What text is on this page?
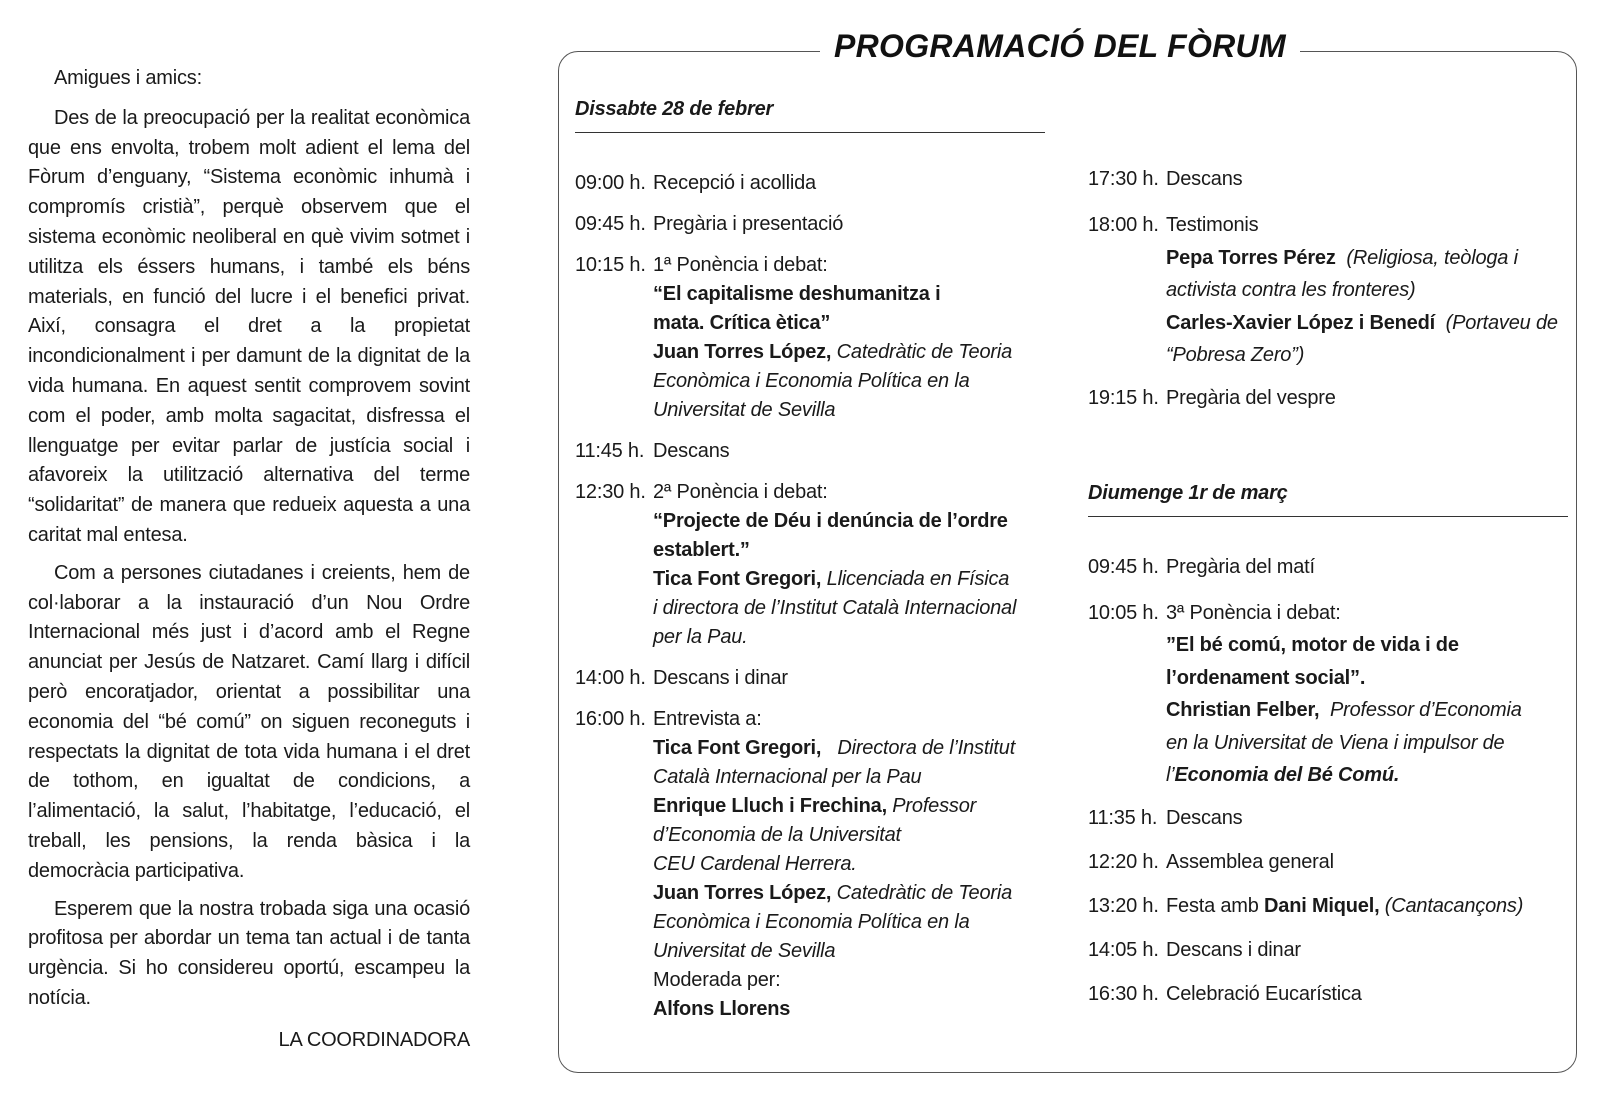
Amigues i amics:

Des de la preocupació per la realitat econòmica que ens envolta, trobem molt adient el lema del Fòrum d’enguany, “Sistema econòmic inhumà i compromís cristià”, perquè observem que el sistema econòmic neoliberal en què vivim sotmet i utilitza els éssers humans, i també els béns materials, en funció del lucre i el benefici privat. Així, consagra el dret a la propietat incondicionalment i per damunt de la dignitat de la vida humana. En aquest sentit comprovem sovint com el poder, amb molta sagacitat, disfressa el llenguatge per evitar parlar de justícia social i afavoreix la utilització alternativa del terme “solidaritat” de manera que redueix aquesta a una caritat mal entesa.

Com a persones ciutadanes i creients, hem de col·laborar a la instauració d’un Nou Ordre Internacional més just i d’acord amb el Regne anunciat per Jesús de Natzaret. Camí llarg i difícil però encoratjador, orientat a possibilitar una economia del “bé comú” on siguen reconeguts i respectats la dignitat de tota vida humana i el dret de tothom, en igualtat de condicions, a l’alimentació, la salut, l’habitatge, l’educació, el treball, les pensions, la renda bàsica i la democràcia participativa.

Esperem que la nostra trobada siga una ocasió profitosa per abordar un tema tan actual i de tanta urgència. Si ho considereu oportú, escampeu la notícia.

LA COORDINADORA

PROGRAMACIÓ DEL FÒRUM
Dissabte 28 de febrer
09:00 h. Recepció i acollida
09:45 h. Pregària i presentació
10:15 h. 1ª Ponència i debat:
“El capitalisme deshumanitza i
mata. Crítica ètica”
Juan Torres López, Catedràtic de Teoria
Econòmica i Economia Política en la
Universitat de Sevilla
11:45 h. Descans
12:30 h. 2ª Ponència i debat:
“Projecte de Déu i denúncia de l’ordre
establert.”
Tica Font Gregori, Llicenciada en Física
i directora de l’Institut Català Internacional
per la Pau.
14:00 h. Descans i dinar
16:00 h. Entrevista a:
Tica Font Gregori, Directora de l’Institut
Català Internacional per la Pau
Enrique Lluch i Frechina, Professor
d’Economia de la Universitat
CEU Cardenal Herrera.
Juan Torres López, Catedràtic de Teoria
Econòmica i Economia Política en la
Universitat de Sevilla
Moderada per:
Alfons Llorens
17:30 h. Descans
18:00 h. Testimonis
Pepa Torres Pérez (Religiosa, teòloga i
activista contra les fronteres)
Carles-Xavier López i Benedí (Portaveu de
“Pobresa Zero”)
19:15 h. Pregària del vespre
Diumenge 1r de març
09:45 h. Pregària del matí
10:05 h. 3ª Ponència i debat:
”El bé comú, motor de vida i de
l’ordenament social”.
Christian Felber, Professor d’Economia
en la Universitat de Viena i impulsor de
l’Economia del Bé Comú.
11:35 h. Descans
12:20 h. Assemblea general
13:20 h. Festa amb Dani Miquel, (Cantacançons)
14:05 h. Descans i dinar
16:30 h. Celebració Eucarística
